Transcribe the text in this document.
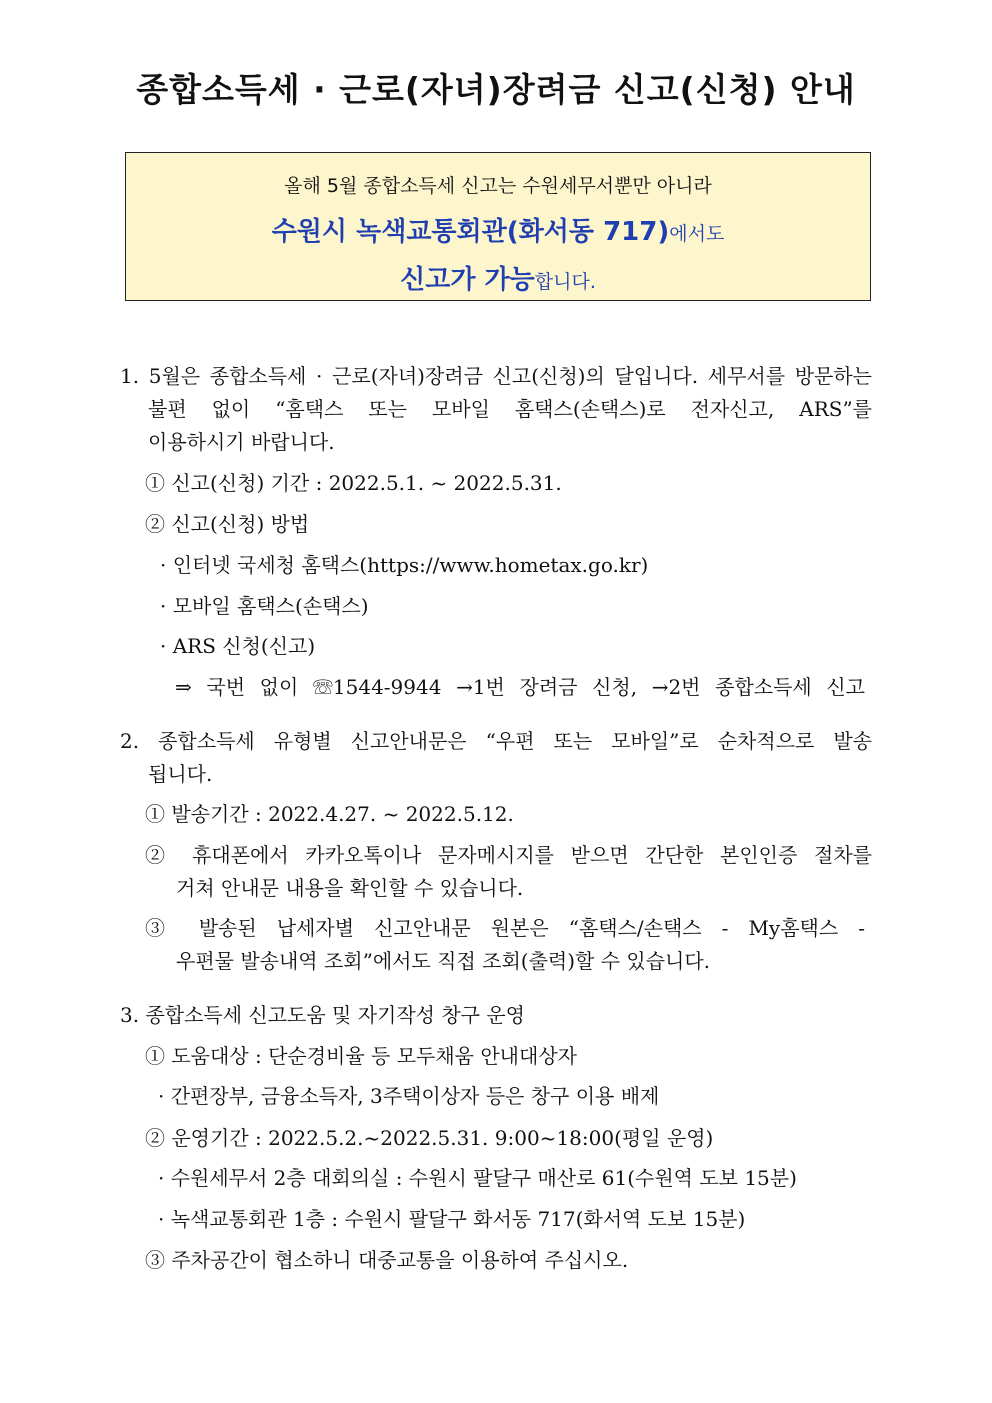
종합소득세 · 근로(자녀)장려금 신고(신청) 안내
올해 5월 종합소득세 신고는 수원세무서뿐만 아니라
수원시 녹색교통회관(화서동 717)에서도
신고가 가능합니다.
1. 5월은 종합소득세 · 근로(자녀)장려금 신고(신청)의 달입니다. 세무서를 방문하는
불편 없이 “홈택스 또는 모바일 홈택스(손택스)로 전자신고, ARS”를
이용하시기 바랍니다.
① 신고(신청) 기간 : 2022.5.1. ~ 2022.5.31.
② 신고(신청) 방법
· 인터넷 국세청 홈택스(https://www.hometax.go.kr)
· 모바일 홈택스(손택스)
· ARS 신청(신고)
⇒ 국번 없이 ☏1544-9944 →1번 장려금 신청, →2번 종합소득세 신고
2. 종합소득세 유형별 신고안내문은 “우편 또는 모바일”로 순차적으로 발송
됩니다.
① 발송기간 : 2022.4.27. ~ 2022.5.12.
② 휴대폰에서 카카오톡이나 문자메시지를 받으면 간단한 본인인증 절차를
거쳐 안내문 내용을 확인할 수 있습니다.
③ 발송된 납세자별 신고안내문 원본은 “홈택스/손택스 - My홈택스 -
우편물 발송내역 조회”에서도 직접 조회(출력)할 수 있습니다.
3. 종합소득세 신고도움 및 자기작성 창구 운영
① 도움대상 : 단순경비율 등 모두채움 안내대상자
· 간편장부, 금융소득자, 3주택이상자 등은 창구 이용 배제
② 운영기간 : 2022.5.2.~2022.5.31. 9:00~18:00(평일 운영)
· 수원세무서 2층 대회의실 : 수원시 팔달구 매산로 61(수원역 도보 15분)
· 녹색교통회관 1층 : 수원시 팔달구 화서동 717(화서역 도보 15분)
③ 주차공간이 협소하니 대중교통을 이용하여 주십시오.
